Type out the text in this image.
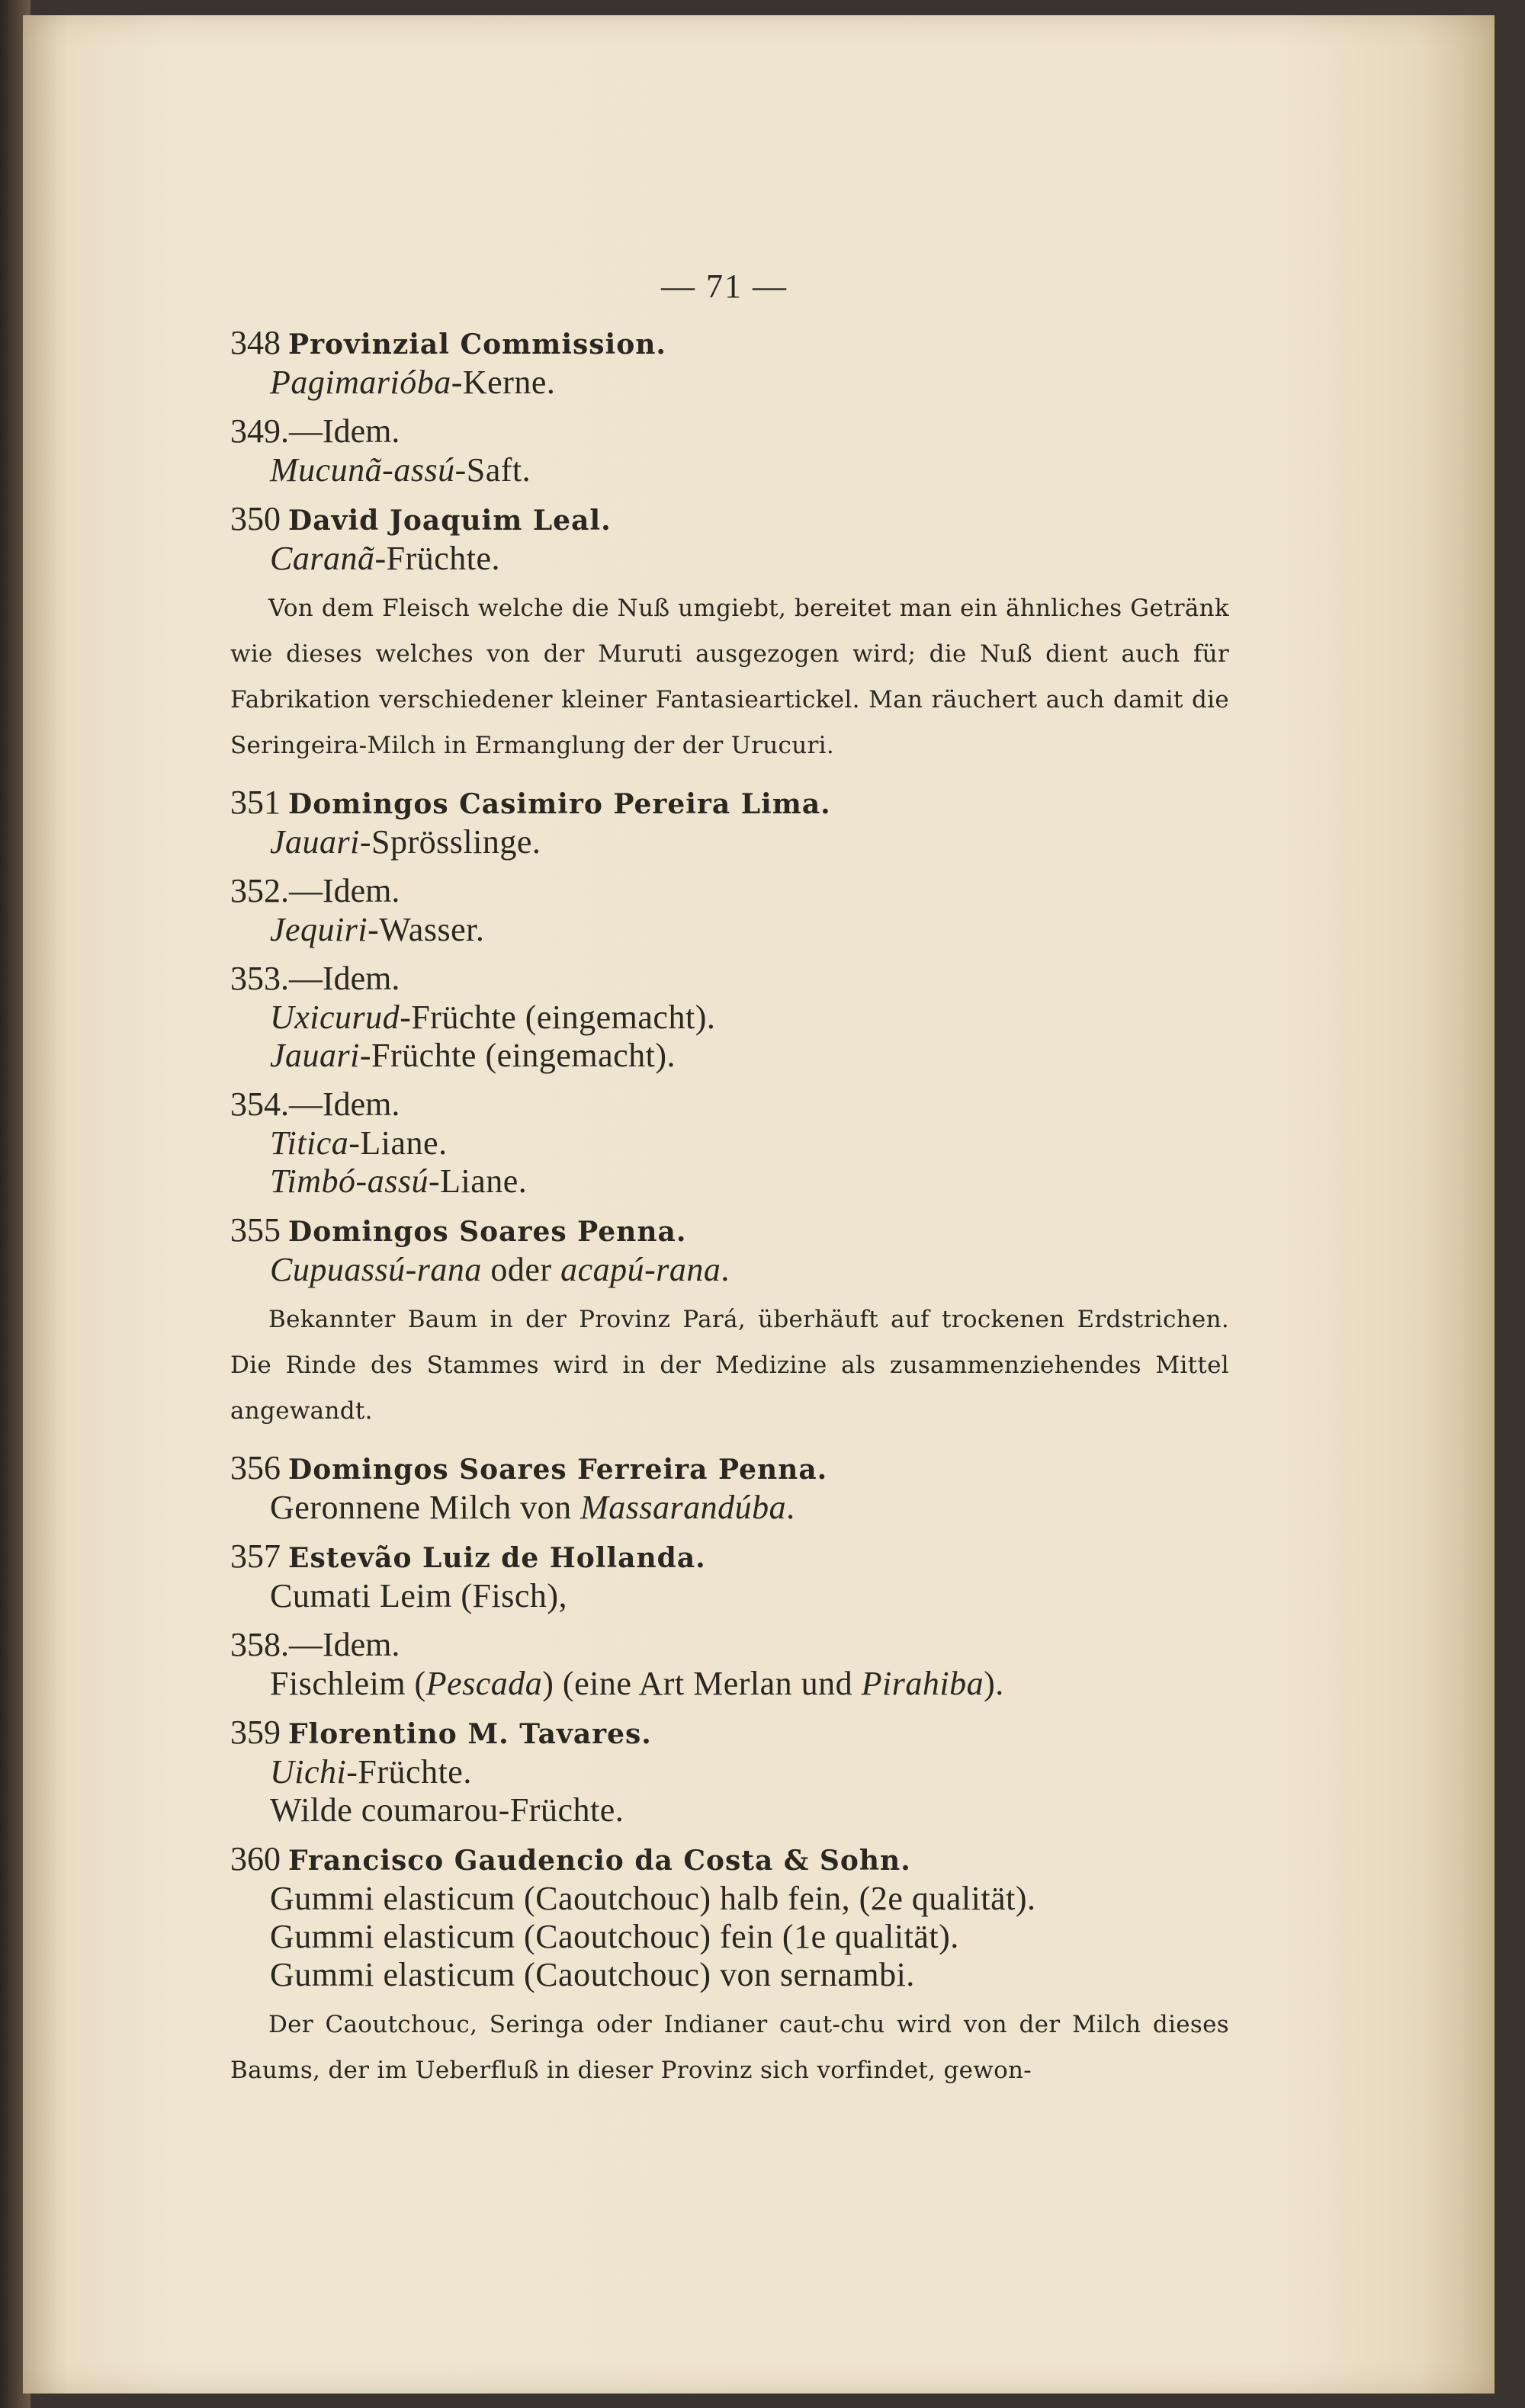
— 71 —
348 Provinzial Commission.
Pagimarióba-Kerne.
349.—Idem.
Mucunã-assú-Saft.
350 David Joaquim Leal.
Caranã-Früchte.
Von dem Fleisch welche die Nuß umgiebt, bereitet man ein ähnliches Getränk wie dieses welches von der Muruti ausgezogen wird; die Nuß dient auch für Fabrikation verschiedener kleiner Fantasieartickel. Man räuchert auch damit die Seringeira-Milch in Ermanglung der der Urucuri.
351 Domingos Casimiro Pereira Lima.
Jauari-Sprösslinge.
352.—Idem.
Jequiri-Wasser.
353.—Idem.
Uxicurud-Früchte (eingemacht).
Jauari-Früchte (eingemacht).
354.—Idem.
Titica-Liane.
Timbó-assú-Liane.
355 Domingos Soares Penna.
Cupuassú-rana oder acapú-rana.
Bekannter Baum in der Provinz Pará, überhäuft auf trockenen Erdstrichen. Die Rinde des Stammes wird in der Medizine als zusammenziehendes Mittel angewandt.
356 Domingos Soares Ferreira Penna.
Geronnene Milch von Massarandúba.
357 Estevão Luiz de Hollanda.
Cumati Leim (Fisch),
358.—Idem.
Fischleim (Pescada) (eine Art Merlan und Pirahiba).
359 Florentino M. Tavares.
Uichi-Früchte.
Wilde coumarou-Früchte.
360 Francisco Gaudencio da Costa & Sohn.
Gummi elasticum (Caoutchouc) halb fein, (2e qualität).
Gummi elasticum (Caoutchouc) fein (1e qualität).
Gummi elasticum (Caoutchouc) von sernambi.
Der Caoutchouc, Seringa oder Indianer caut-chu wird von der Milch dieses Baums, der im Ueberfluß in dieser Provinz sich vorfindet, gewon-
